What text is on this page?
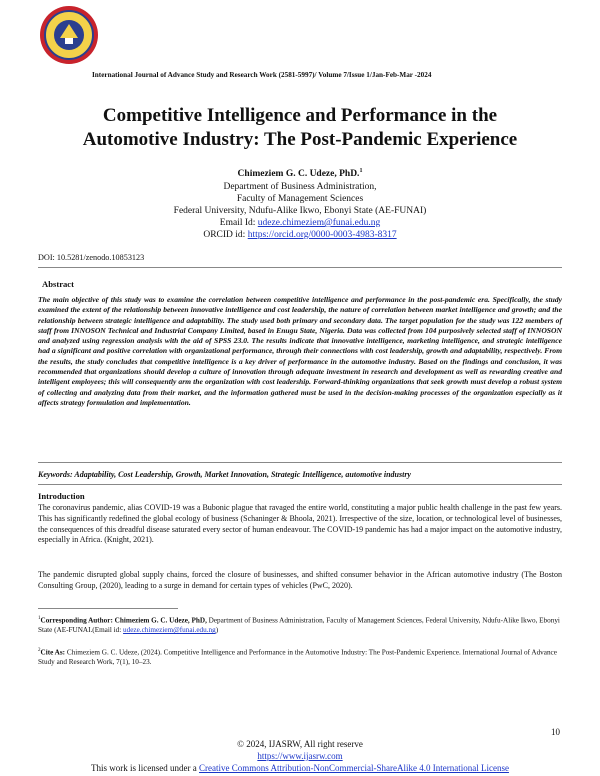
International Journal of Advance Study and Research Work (2581-5997)/ Volume 7/Issue 1/Jan-Feb-Mar -2024
Competitive Intelligence and Performance in the
Automotive Industry: The Post-Pandemic Experience
Chimeziem G. C. Udeze, PhD.$^1$
Department of Business Administration,
Faculty of Management Sciences
Federal University, Ndufu-Alike Ikwo, Ebonyi State (AE-FUNAI)
Email Id: udeze.chimeziem@funai.edu.ng
ORCID id: https://orcid.org/0000-0003-4983-8317
DOI: 10.5281/zenodo.10853123
Abstract
The main objective of this study was to examine the correlation between competitive intelligence and performance in the post-pandemic era. Specifically, the study examined the extent of the relationship between innovative intelligence and cost leadership, the nature of correlation between market intelligence and growth; and the relationship between strategic intelligence and adaptability. The study used both primary and secondary data. The target population for the study was 122 members of staff from INNOSON Technical and Industrial Company Limited, based in Enugu State, Nigeria. Data was collected from 104 purposively selected staff of INNOSON and analyzed using regression analysis with the aid of SPSS 23.0. The results indicate that innovative intelligence, marketing intelligence, and strategic intelligence had a significant and positive correlation with organizational performance, through their connections with cost leadership, growth and adaptability, respectively. From the results, the study concludes that competitive intelligence is a key driver of performance in the automotive industry. Based on the findings and conclusion, it was recommended that organizations should develop a culture of innovation through adequate investment in research and development as well as rewarding creative and intelligent employees; this will consequently arm the organization with cost leadership. Forward-thinking organizations that seek growth must develop a robust system of collecting and analyzing data from their market, and the information gathered must be used in the decision-making processes of the organization especially as it affects strategy formulation and implementation.
Keywords: Adaptability, Cost Leadership, Growth, Market Innovation, Strategic Intelligence, automotive industry
Introduction
The coronavirus pandemic, alias COVID-19 was a Bubonic plague that ravaged the entire world, constituting a major public health challenge in the past few years. This has significantly redefined the global ecology of business (Schaninger & Bhoola, 2021). Irrespective of the size, location, or technological level of businesses, the consequences of this dreadful disease saturated every sector of human endeavour. The COVID-19 pandemic has had a major impact on the automotive industry, especially in Africa. (Knight, 2021).
The pandemic disrupted global supply chains, forced the closure of businesses, and shifted consumer behavior in the African automotive industry (The Boston Consulting Group, (2020), leading to a surge in demand for certain types of vehicles (PwC, 2020).
$^1$Corresponding Author: Chimeziem G. C. Udeze, PhD, Department of Business Administration, Faculty of Management Sciences, Federal University, Ndufu-Alike Ikwo, Ebonyi State (AE-FUNAI.(Email id: udeze.chimeziem@funai.edu.ng)
$^2$Cite As: Chimeziem G. C. Udeze, (2024). Competitive Intelligence and Performance in the Automotive Industry: The Post-Pandemic Experience. International Journal of Advance Study and Research Work, 7(1), 10–23.
10
© 2024, IJASRW, All right reserve
https://www.ijasrw.com
This work is licensed under a Creative Commons Attribution-NonCommercial-ShareAlike 4.0 International License
